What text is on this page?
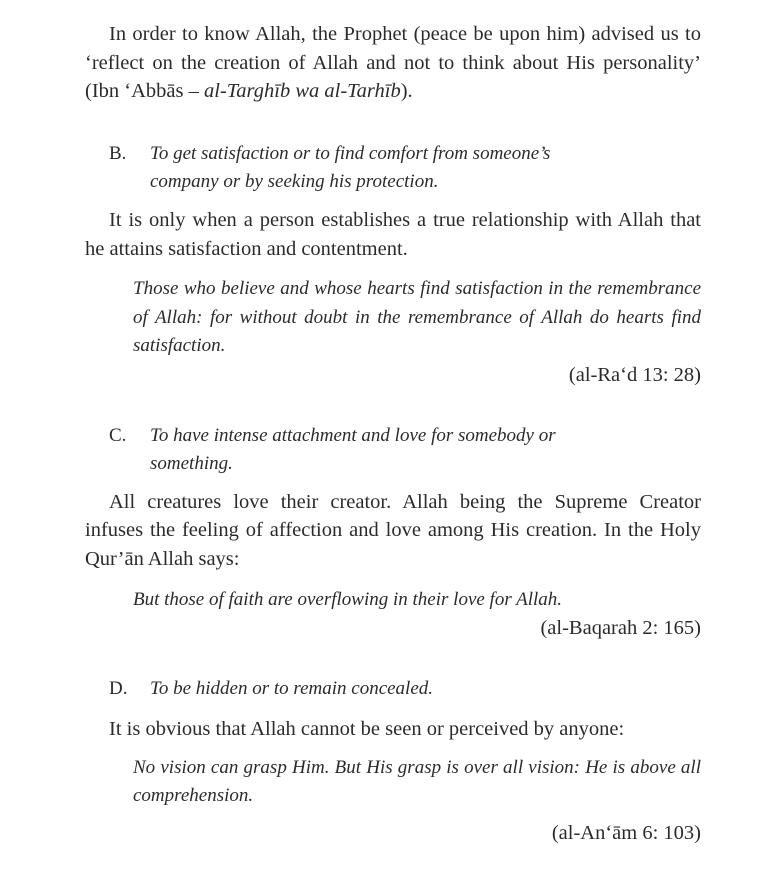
In order to know Allah, the Prophet (peace be upon him) advised us to ‘reflect on the creation of Allah and not to think about His personality’ (Ibn ‘Abbās – al-Targhīb wa al-Tarhīb).

B.	To get satisfaction or to find comfort from someone’s company or by seeking his protection.

It is only when a person establishes a true relationship with Allah that he attains satisfaction and contentment.

Those who believe and whose hearts find satisfaction in the remembrance of Allah: for without doubt in the remembrance of Allah do hearts find satisfaction.

(al-Ra‘d 13: 28)

C.	To have intense attachment and love for somebody or something.

All creatures love their creator. Allah being the Supreme Creator infuses the feeling of affection and love among His creation. In the Holy Qur’ān Allah says:

But those of faith are overflowing in their love for Allah.

(al-Baqarah 2: 165)

D.	To be hidden or to remain concealed.

It is obvious that Allah cannot be seen or perceived by anyone:

No vision can grasp Him. But His grasp is over all vision: He is above all comprehension.

(al-An‘ām 6: 103)
